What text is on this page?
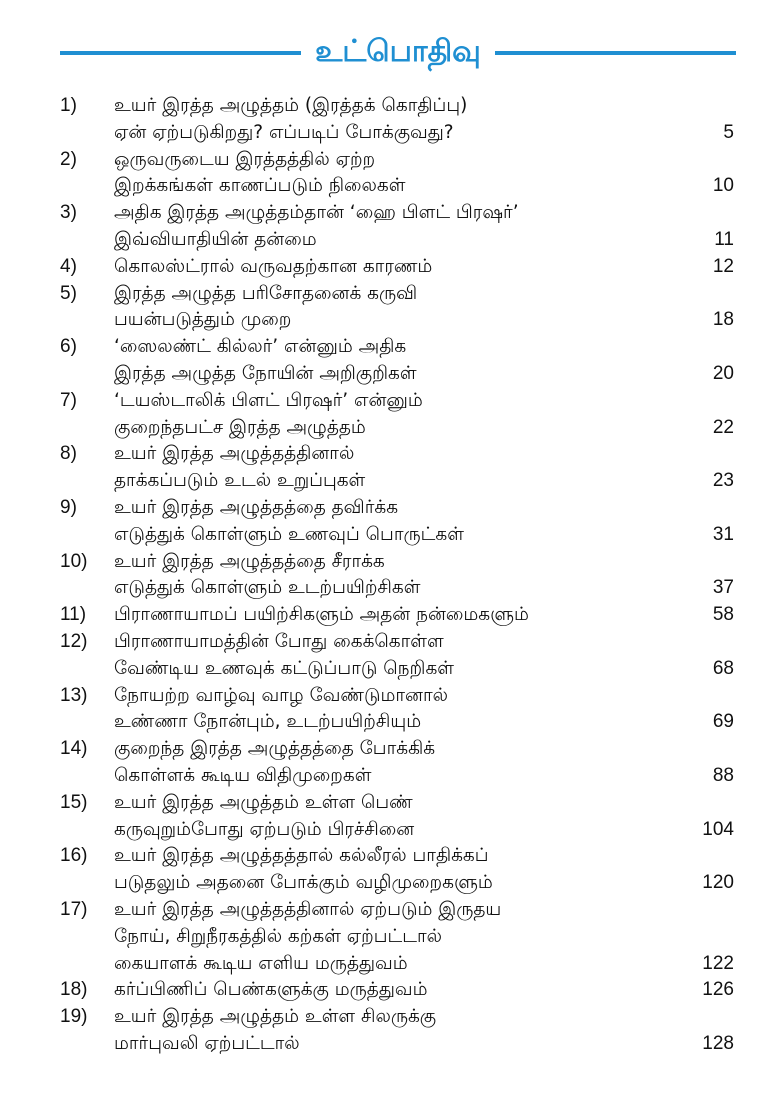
உட்பொதிவு
1)	உயர் இரத்த அழுத்தம் (இரத்தக் கொதிப்பு)
ஏன் ஏற்படுகிறது? எப்படிப் போக்குவது?	5
2)	ஒருவருடைய இரத்தத்தில் ஏற்ற
இறக்கங்கள் காணப்படும் நிலைகள்	10
3)	அதிக இரத்த அழுத்தம்தான் ‘ஹை பிளட் பிரஷர்’
இவ்வியாதியின் தன்மை	11
4)	கொலஸ்ட்ரால் வருவதற்கான காரணம்	12
5)	இரத்த அழுத்த பரிசோதனைக் கருவி
பயன்படுத்தும் முறை	18
6)	‘ஸைலண்ட் கில்லர்’ என்னும் அதிக
இரத்த அழுத்த நோயின் அறிகுறிகள்	20
7)	‘டயஸ்டாலிக் பிளட் பிரஷர்’ என்னும்
குறைந்தபட்ச இரத்த அழுத்தம்	22
8)	உயர் இரத்த அழுத்தத்தினால்
தாக்கப்படும் உடல் உறுப்புகள்	23
9)	உயர் இரத்த அழுத்தத்தை தவிர்க்க
எடுத்துக் கொள்ளும் உணவுப் பொருட்கள்	31
10)	உயர் இரத்த அழுத்தத்தை சீராக்க
எடுத்துக் கொள்ளும் உடற்பயிற்சிகள்	37
11)	பிராணாயாமப் பயிற்சிகளும் அதன் நன்மைகளும்	58
12)	பிராணாயாமத்தின் போது கைக்கொள்ள
வேண்டிய உணவுக் கட்டுப்பாடு நெறிகள்	68
13)	நோயற்ற வாழ்வு வாழ வேண்டுமானால்
உண்ணா நோன்பும், உடற்பயிற்சியும்	69
14)	குறைந்த இரத்த அழுத்தத்தை போக்கிக்
கொள்ளக் கூடிய விதிமுறைகள்	88
15)	உயர் இரத்த அழுத்தம் உள்ள பெண்
கருவுறும்போது ஏற்படும் பிரச்சினை	104
16)	உயர் இரத்த அழுத்தத்தால் கல்லீரல் பாதிக்கப்
படுதலும் அதனை போக்கும் வழிமுறைகளும்	120
17)	உயர் இரத்த அழுத்தத்தினால் ஏற்படும் இருதய
நோய், சிறுநீரகத்தில் கற்கள் ஏற்பட்டால்
கையாளக் கூடிய எளிய மருத்துவம்	122
18)	கர்ப்பிணிப் பெண்களுக்கு மருத்துவம்	126
19)	உயர் இரத்த அழுத்தம் உள்ள சிலருக்கு
மார்புவலி ஏற்பட்டால்	128
